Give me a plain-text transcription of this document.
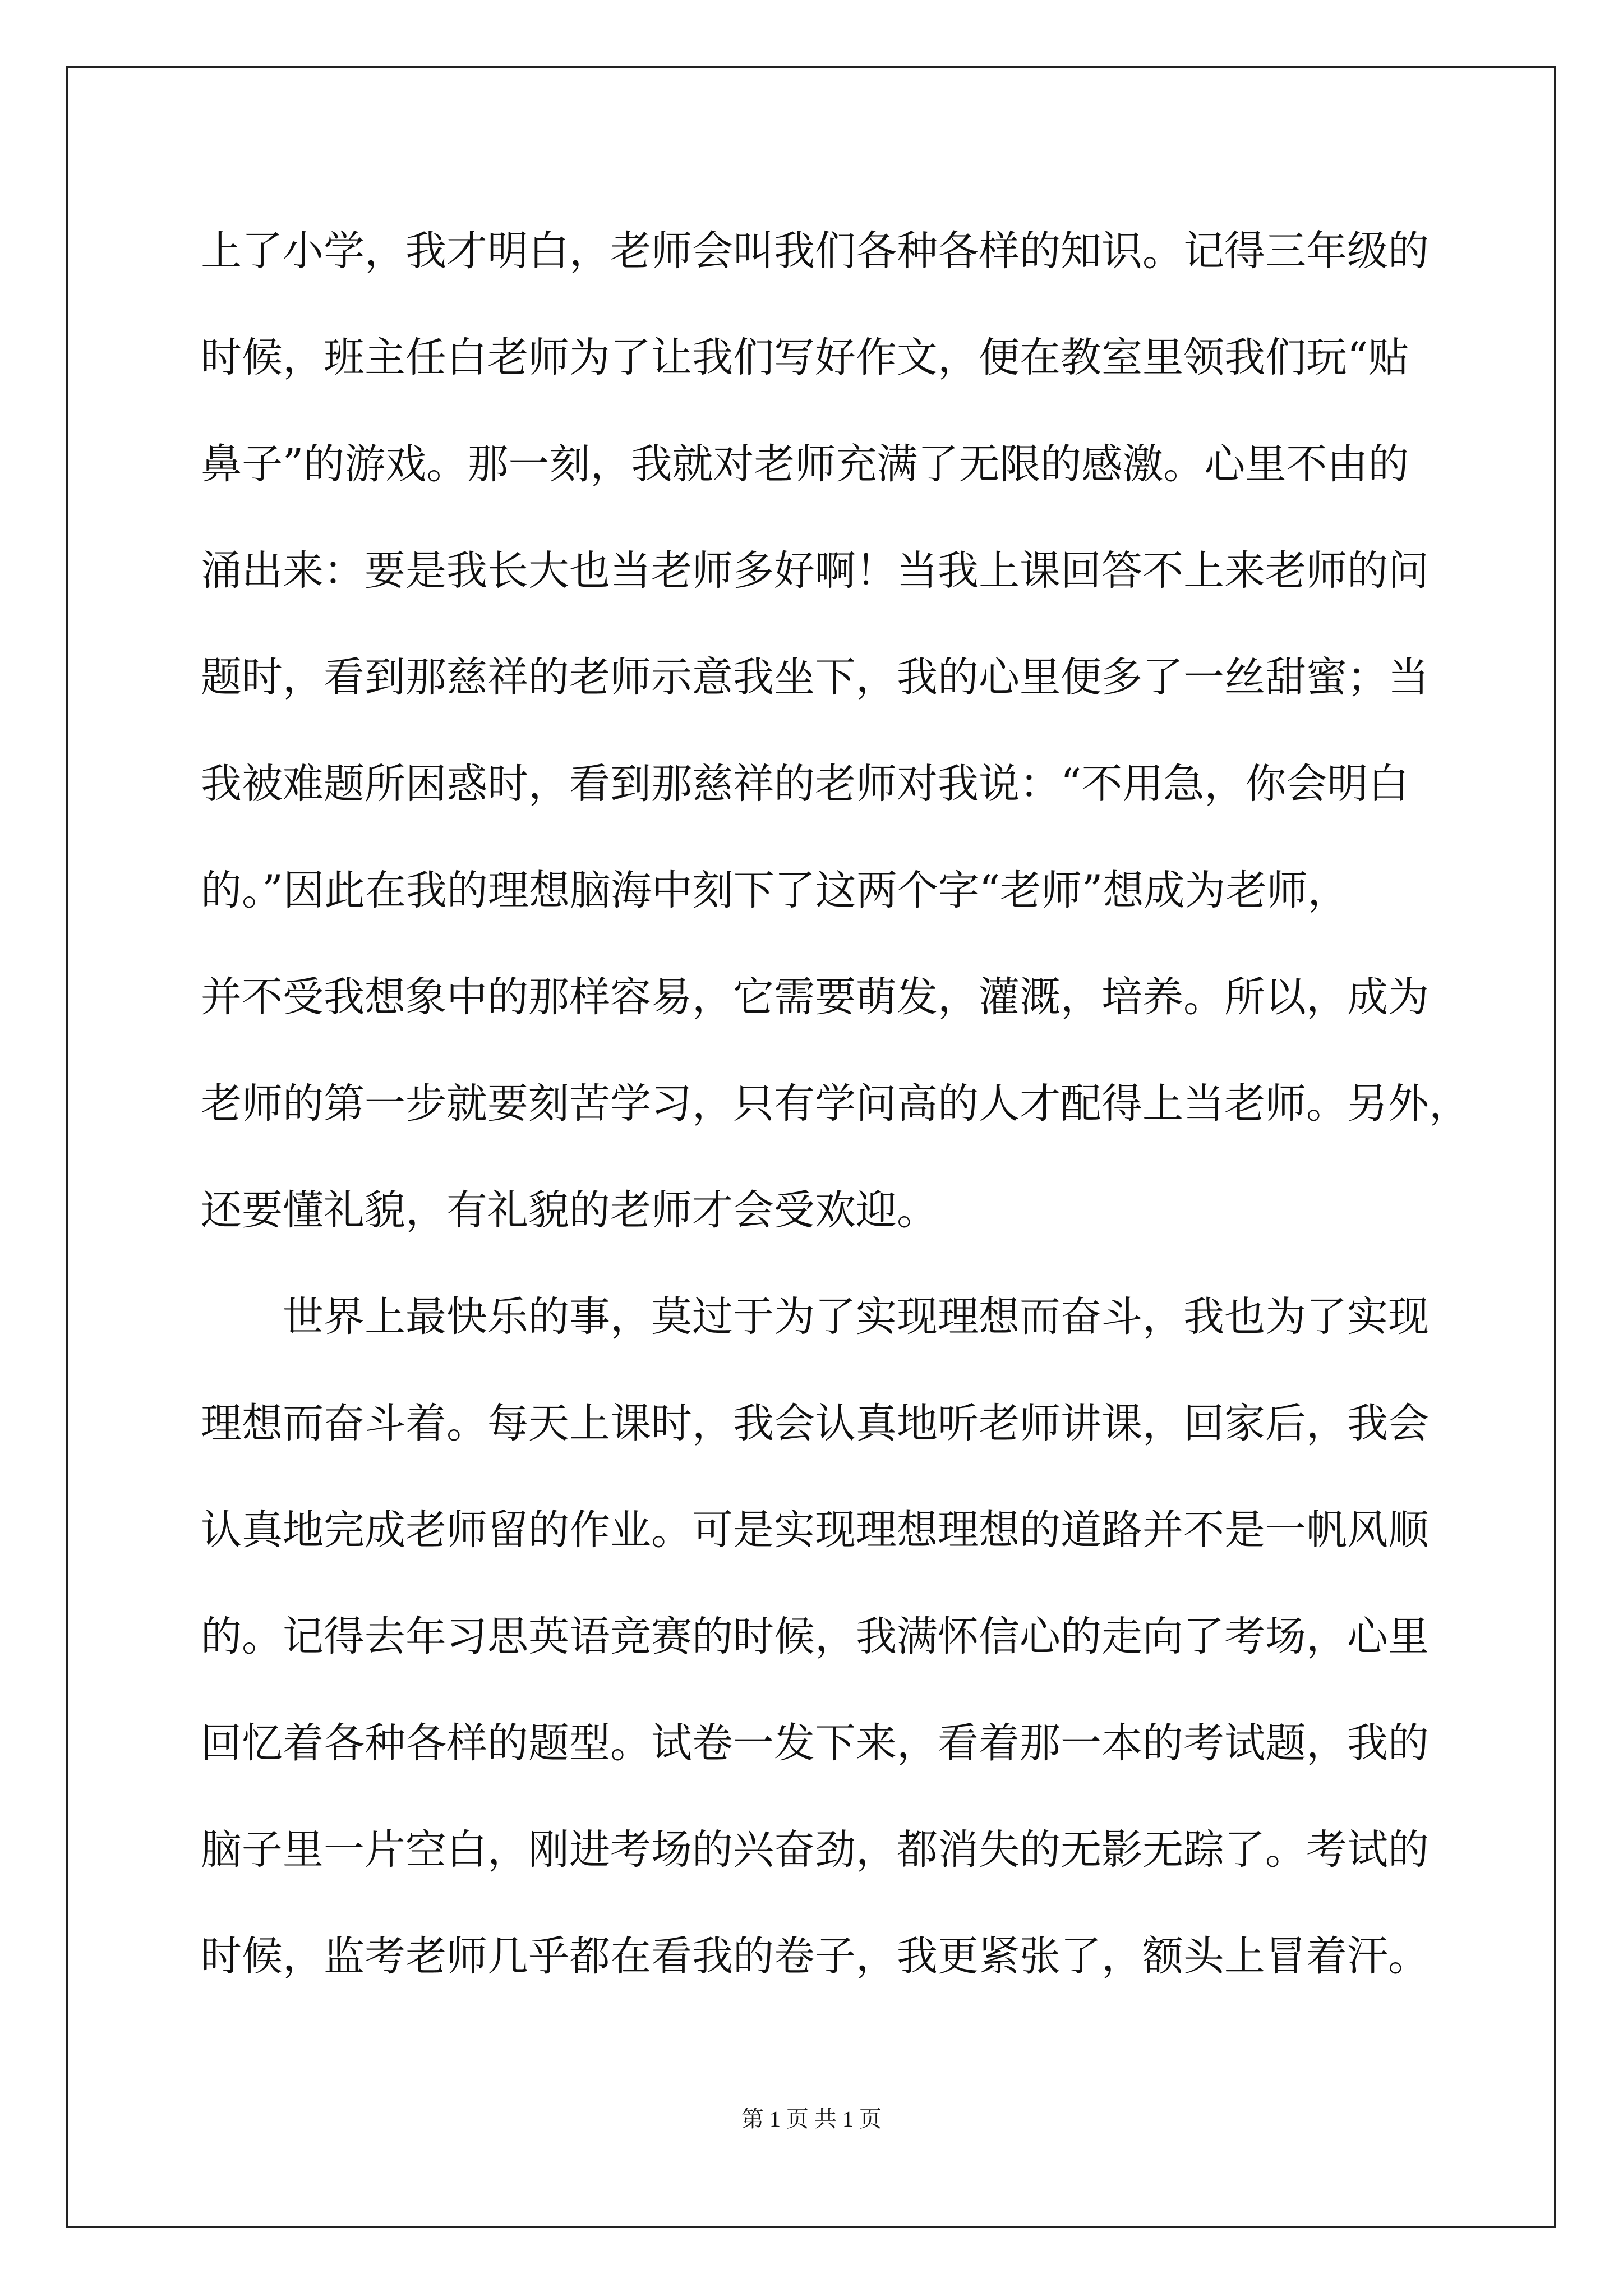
上了小学，我才明白，老师会叫我们各种各样的知识。记得三年级的
时候，班主任白老师为了让我们写好作文，便在教室里领我们玩“贴
鼻子”的游戏。那一刻，我就对老师充满了无限的感激。心里不由的
涌出来：要是我长大也当老师多好啊！当我上课回答不上来老师的问
题时，看到那慈祥的老师示意我坐下，我的心里便多了一丝甜蜜；当
我被难题所困惑时，看到那慈祥的老师对我说：“不用急，你会明白
的。”因此在我的理想脑海中刻下了这两个字“老师”想成为老师，
并不受我想象中的那样容易，它需要萌发，灌溉，培养。所以，成为
老师的第一步就要刻苦学习，只有学问高的人才配得上当老师。另外，
还要懂礼貌，有礼貌的老师才会受欢迎。
世界上最快乐的事，莫过于为了实现理想而奋斗，我也为了实现
理想而奋斗着。每天上课时，我会认真地听老师讲课，回家后，我会
认真地完成老师留的作业。可是实现理想理想的道路并不是一帆风顺
的。记得去年习思英语竞赛的时候，我满怀信心的走向了考场，心里
回忆着各种各样的题型。试卷一发下来，看着那一本的考试题，我的
脑子里一片空白，刚进考场的兴奋劲，都消失的无影无踪了。考试的
时候，监考老师几乎都在看我的卷子，我更紧张了，额头上冒着汗。
第 1 页 共 1 页
